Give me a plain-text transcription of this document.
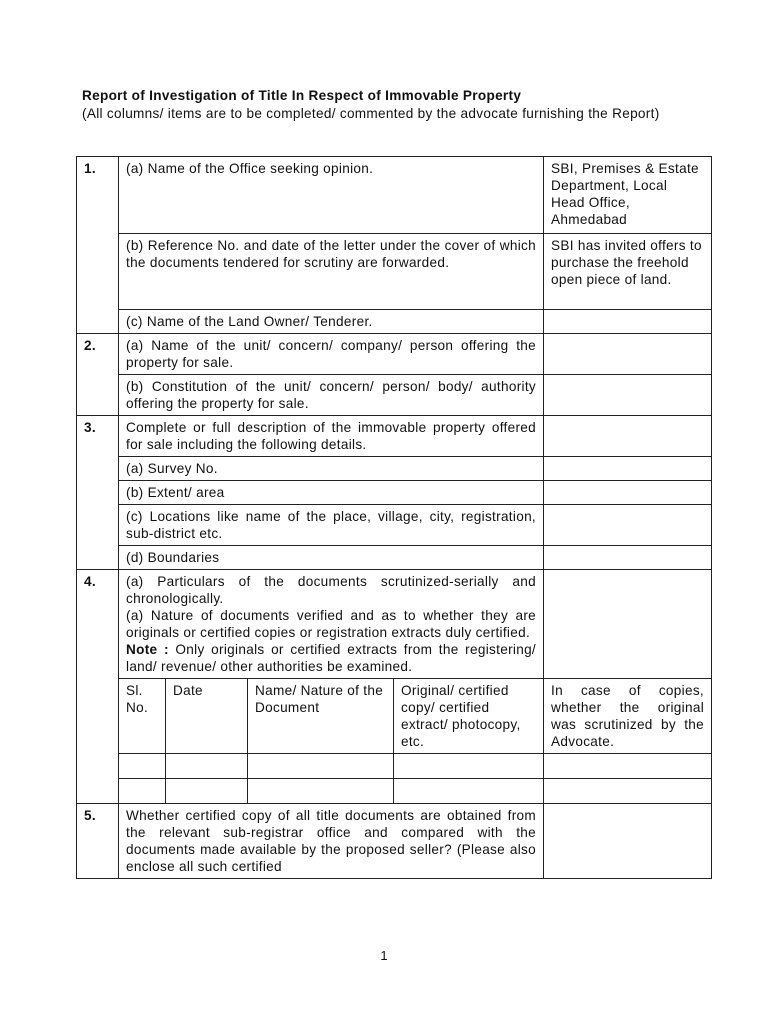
Report of Investigation of Title In Respect of Immovable Property
(All columns/ items are to be completed/ commented by the advocate furnishing the Report)
1.	(a) Name of the Office seeking opinion.				SBI, Premises & Estate Department, Local Head Office, Ahmedabad
	(b) Reference No. and date of the letter under the cover of which the documents tendered for scrutiny are forwarded.				SBI has invited offers to purchase the freehold open piece of land.
	(c) Name of the Land Owner/ Tenderer.				
2.	(a) Name of the unit/ concern/ company/ person offering the property for sale.				
	(b) Constitution of the unit/ concern/ person/ body/ authority offering the property for sale.				
3.	Complete or full description of the immovable property offered for sale including the following details.				
	(a) Survey No.				
	(b) Extent/ area				
	(c) Locations like name of the place, village, city, registration, sub-district etc.				
	(d) Boundaries				
4.	(a) Particulars of the documents scrutinized-serially and chronologically.
(a) Nature of documents verified and as to whether they are originals or certified copies or registration extracts duly certified.
Note : Only originals or certified extracts from the registering/ land/ revenue/ other authorities be examined.				

	Sl. No.	Date	Name/ Nature of the Document	Original/ certified copy/ certified extract/ photocopy, etc.	In case of copies, whether the original was scrutinized by the Advocate.

5.	Whether certified copy of all title documents are obtained from the relevant sub-registrar office and compared with the documents made available by the proposed seller? (Please also enclose all such certified				
1
